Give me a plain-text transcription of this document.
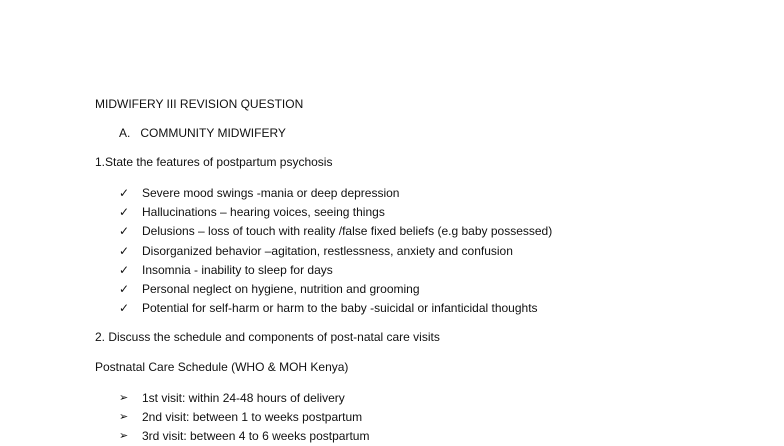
MIDWIFERY III REVISION QUESTION
A. COMMUNITY MIDWIFERY
1.State the features of postpartum psychosis
✓	Severe mood swings -mania or deep depression
✓	Hallucinations – hearing voices, seeing things
✓	Delusions – loss of touch with reality /false fixed beliefs (e.g baby possessed)
✓	Disorganized behavior –agitation, restlessness, anxiety and confusion
✓	Insomnia - inability to sleep for days
✓	Personal neglect on hygiene, nutrition and grooming
✓	Potential for self-harm or harm to the baby -suicidal or infanticidal thoughts
2. Discuss the schedule and components of post-natal care visits
Postnatal Care Schedule (WHO & MOH Kenya)
➢	1st visit: within 24-48 hours of delivery
➢	2nd visit: between 1 to weeks postpartum
➢	3rd visit: between 4 to 6 weeks postpartum
